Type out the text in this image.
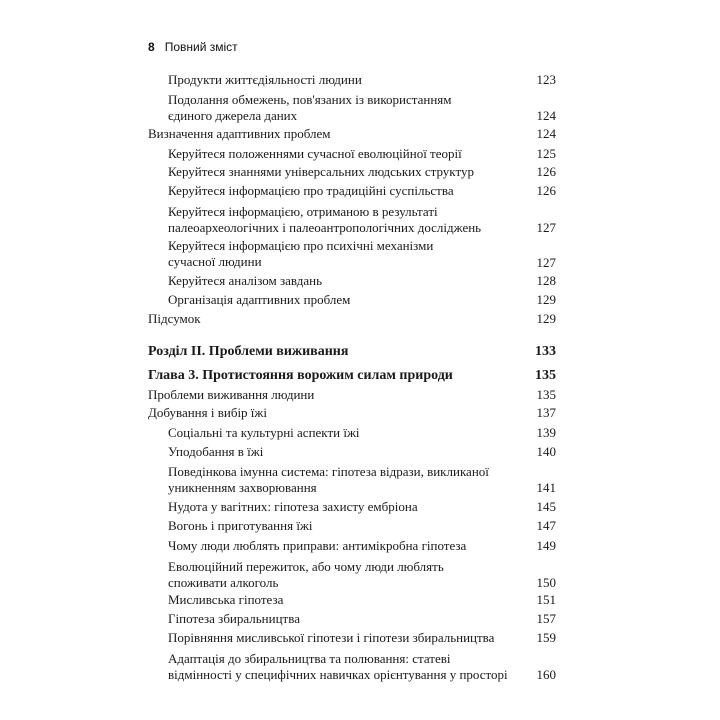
8 Повний зміст
Продукти життєдіяльності людини	123
Подолання обмежень, пов'язаних із використанням
єдиного джерела даних	124
Визначення адаптивних проблем	124
Керуйтеся положеннями сучасної еволюційної теорії	125
Керуйтеся знаннями універсальних людських структур	126
Керуйтеся інформацією про традиційні суспільства	126
Керуйтеся інформацією, отриманою в результаті
палеоархеологічних і палеоантропологічних досліджень	127
Керуйтеся інформацією про психічні механізми
сучасної людини	127
Керуйтеся аналізом завдань	128
Організація адаптивних проблем	129
Підсумок	129
Розділ II. Проблеми виживання	133
Глава 3. Протистояння ворожим силам природи	135
Проблеми виживання людини	135
Добування і вибір їжі	137
Соціальні та культурні аспекти їжі	139
Уподобання в їжі	140
Поведінкова імунна система: гіпотеза відрази, викликаної
уникненням захворювання	141
Нудота у вагітних: гіпотеза захисту ембріона	145
Вогонь і приготування їжі	147
Чому люди люблять приправи: антимікробна гіпотеза	149
Еволюційний пережиток, або чому люди люблять
споживати алкоголь	150
Мисливська гіпотеза	151
Гіпотеза збиральництва	157
Порівняння мисливської гіпотези і гіпотези збиральництва	159
Адаптація до збиральництва та полювання: статеві
відмінності у специфічних навичках орієнтування у просторі	160
